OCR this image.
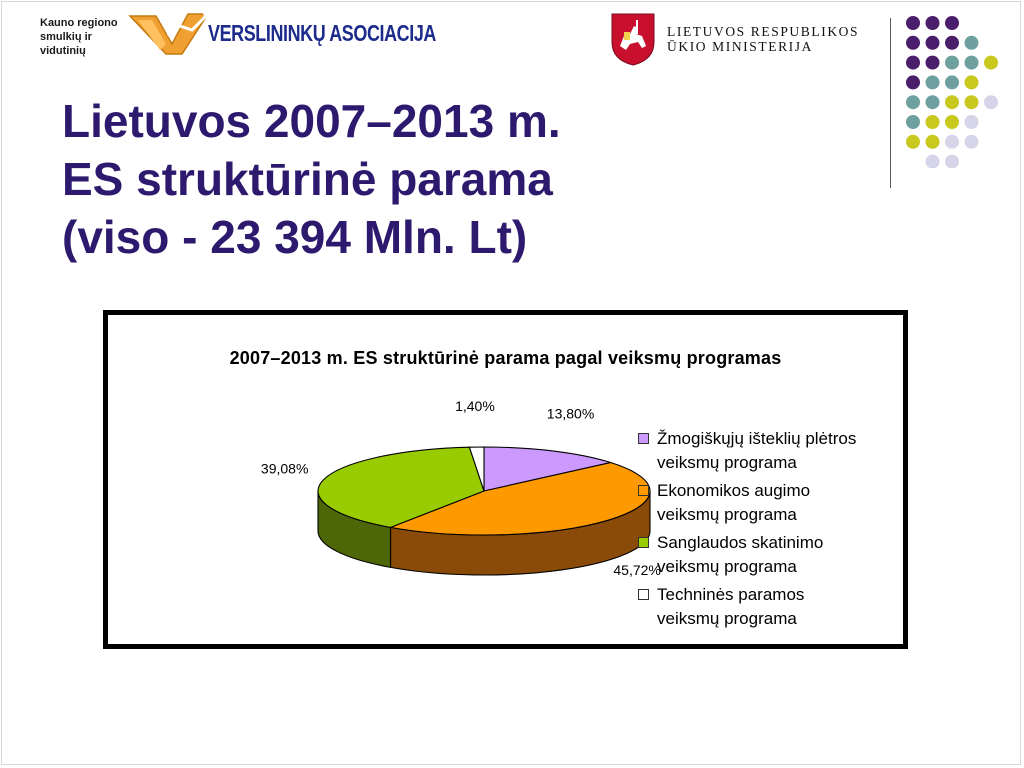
Kauno regiono smulkių ir vidutinių
VERSLININKŲ ASOCIACIJA	LIETUVOS RESPUBLIKOS
ŪKIO MINISTERIJA
Lietuvos 2007–2013 m.
ES struktūrinė parama
(viso - 23 394 Mln. Lt)
2007–2013 m. ES struktūrinė parama pagal veiksmų programas
13,80%
45,72%
39,08%
1,40%
Žmogiškųjų išteklių plėtros
veiksmų programa
Ekonomikos augimo
veiksmų programa
Sanglaudos skatinimo
veiksmų programa
Techninės paramos
veiksmų programa
